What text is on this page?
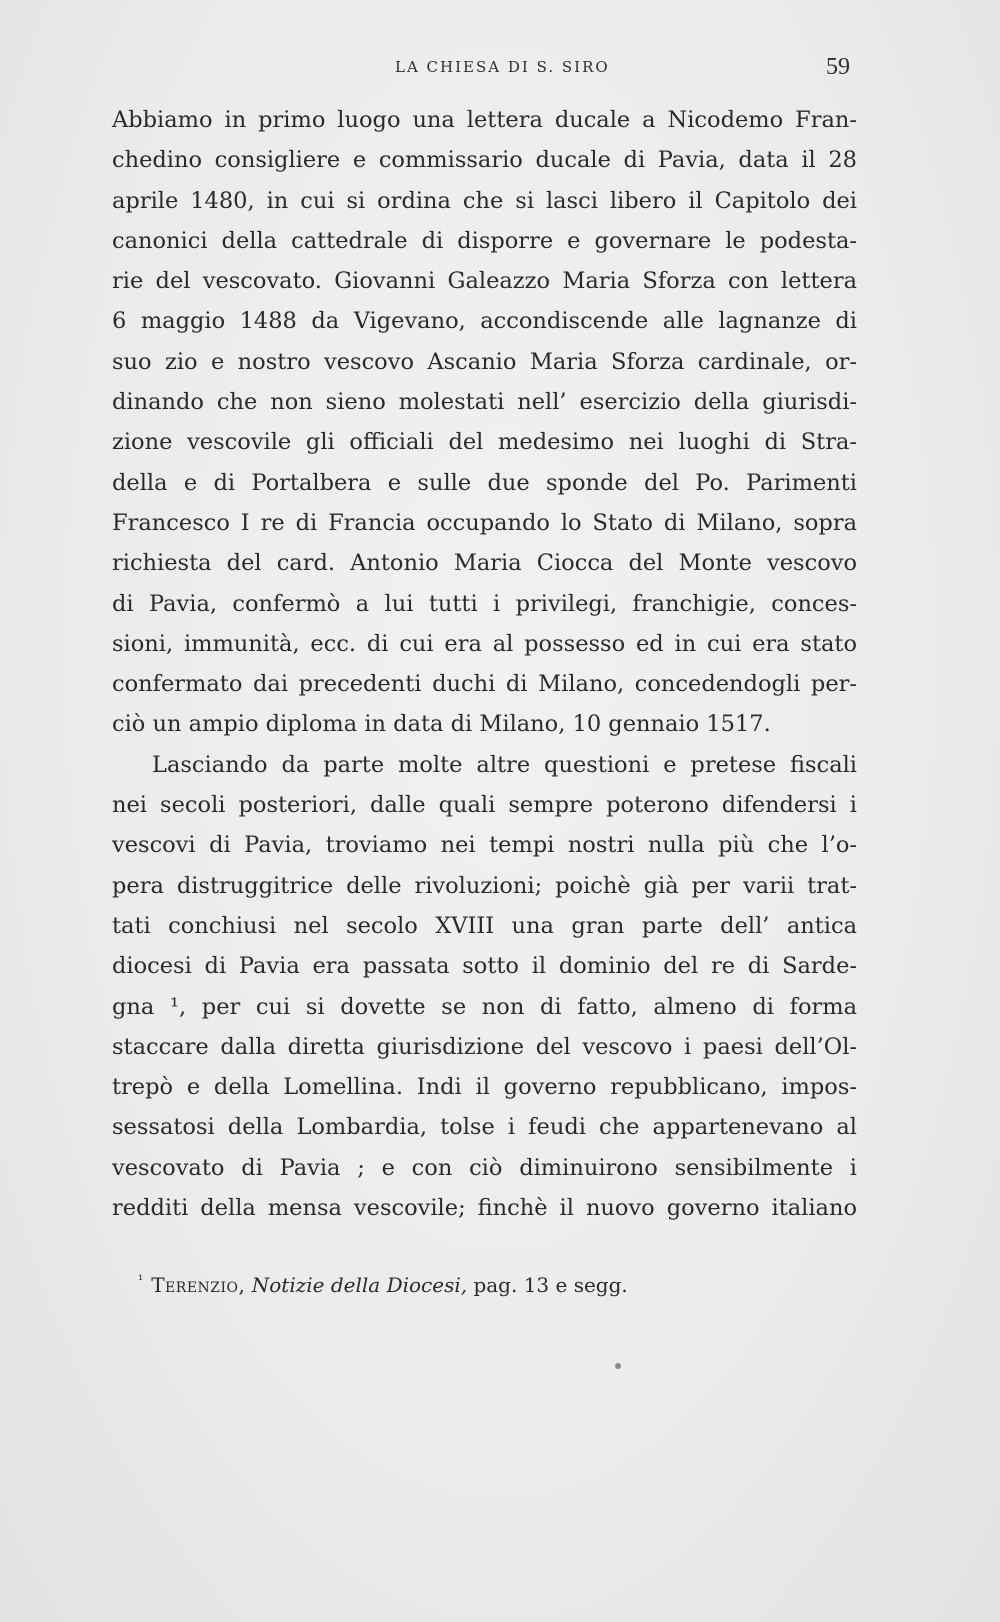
LA CHIESA DI S. SIRO	59
Abbiamo in primo luogo una lettera ducale a Nicodemo Fran-
chedino consigliere e commissario ducale di Pavia, data il 28
aprile 1480, in cui si ordina che si lasci libero il Capitolo dei
canonici della cattedrale di disporre e governare le podesta-
rie del vescovato. Giovanni Galeazzo Maria Sforza con lettera
6 maggio 1488 da Vigevano, accondiscende alle lagnanze di
suo zio e nostro vescovo Ascanio Maria Sforza cardinale, or-
dinando che non sieno molestati nell’ esercizio della giurisdi-
zione vescovile gli officiali del medesimo nei luoghi di Stra-
della e di Portalbera e sulle due sponde del Po. Parimenti
Francesco I re di Francia occupando lo Stato di Milano, sopra
richiesta del card. Antonio Maria Ciocca del Monte vescovo
di Pavia, confermò a lui tutti i privilegi, franchigie, conces-
sioni, immunità, ecc. di cui era al possesso ed in cui era stato
confermato dai precedenti duchi di Milano, concedendogli per-
ciò un ampio diploma in data di Milano, 10 gennaio 1517.
Lasciando da parte molte altre questioni e pretese fiscali
nei secoli posteriori, dalle quali sempre poterono difendersi i
vescovi di Pavia, troviamo nei tempi nostri nulla più che l’o-
pera distruggitrice delle rivoluzioni; poichè già per varii trat-
tati conchiusi nel secolo XVIII una gran parte dell’ antica
diocesi di Pavia era passata sotto il dominio del re di Sarde-
gna ¹, per cui si dovette se non di fatto, almeno di forma
staccare dalla diretta giurisdizione del vescovo i paesi dell’Ol-
trepò e della Lomellina. Indi il governo repubblicano, impos-
sessatosi della Lombardia, tolse i feudi che appartenevano al
vescovato di Pavia ; e con ciò diminuirono sensibilmente i
redditi della mensa vescovile; finchè il nuovo governo italiano
$^{^1}$ Terenzio, Notizie della Diocesi, pag. 13 e segg.
